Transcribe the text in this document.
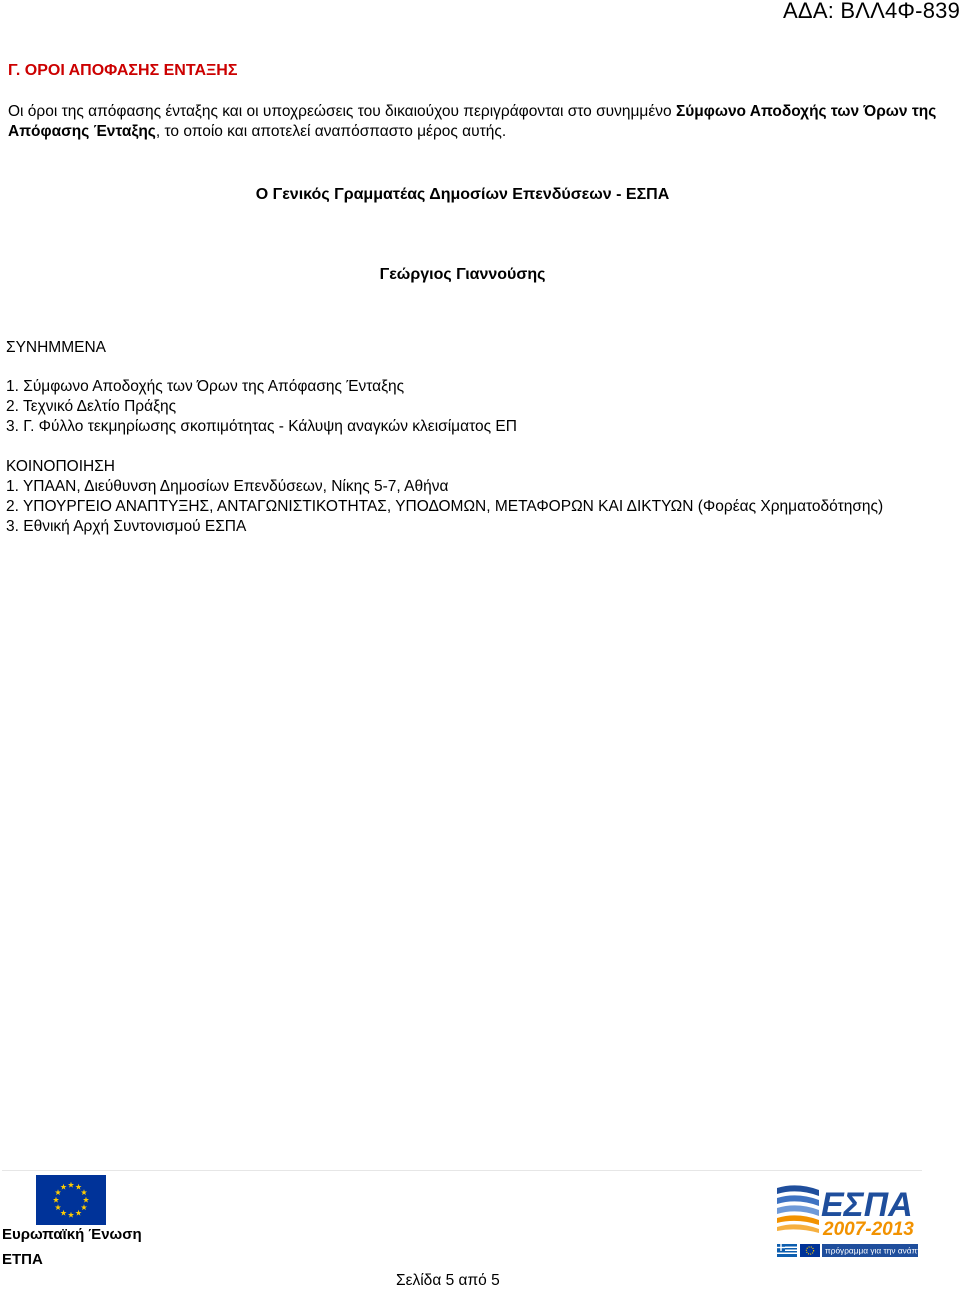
ΑΔΑ: ΒΛΛ4Φ-839
Γ. ΟΡΟΙ ΑΠΟΦΑΣΗΣ ΕΝΤΑΞΗΣ
Οι όροι της απόφασης ένταξης και οι υποχρεώσεις του δικαιούχου περιγράφονται στο συνημμένο Σύμφωνο Αποδοχής των Όρων της Απόφασης Ένταξης, το οποίο και αποτελεί αναπόσπαστο μέρος αυτής.
Ο Γενικός Γραμματέας Δημοσίων Επενδύσεων - ΕΣΠΑ
Γεώργιος Γιαννούσης
ΣΥΝΗΜΜΕΝΑ
1. Σύμφωνο Αποδοχής των Όρων της Απόφασης Ένταξης
2. Τεχνικό Δελτίο Πράξης
3. Γ. Φύλλο τεκμηρίωσης σκοπιμότητας - Κάλυψη αναγκών κλεισίματος ΕΠ
ΚΟΙΝΟΠΟΙΗΣΗ
1. ΥΠΑΑΝ, Διεύθυνση Δημοσίων Επενδύσεων, Νίκης 5-7, Αθήνα
2. ΥΠΟΥΡΓΕΙΟ ΑΝΑΠΤΥΞΗΣ, ΑΝΤΑΓΩΝΙΣΤΙΚΟΤΗΤΑΣ, ΥΠΟΔΟΜΩΝ, ΜΕΤΑΦΟΡΩΝ ΚΑΙ ΔΙΚΤΥΩΝ (Φορέας Χρηματοδότησης)
3. Εθνική Αρχή Συντονισμού ΕΣΠΑ
Ευρωπαϊκή Ένωση
ΕΤΠΑ
Σελίδα 5 από 5
ΕΣΠΑ
2007-2013
πρόγραμμα για την ανάπτυξη
